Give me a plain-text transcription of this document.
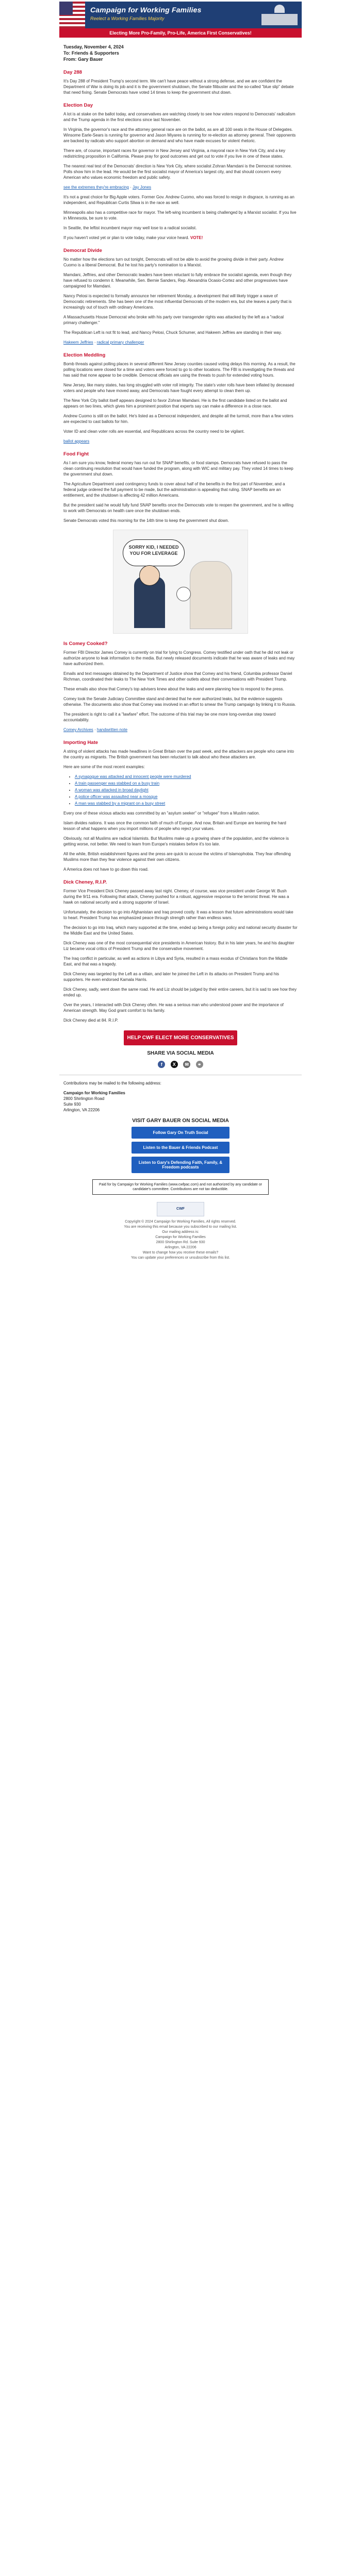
Campaign for Working Families
Reelect a Working Families Majority
Electing More Pro-Family, Pro-Life, America First Conservatives!
Tuesday, November 4, 2024
To: Friends & Supporters
From: Gary Bauer
Day 288

It's Day 288 of President Trump's second term. We can't have peace without a strong defense, and we are confident the Department of War is doing its job and it is the government shutdown, the Senate filibuster and the so-called "blue slip" debate that need fixing. Senate Democrats have voted 14 times to keep the government shut down.

Election Day

A lot is at stake on the ballot today, and conservatives are watching closely to see how voters respond to Democrats' radicalism and the Trump agenda in the first elections since last November.

In Virginia, the governor's race and the attorney general race are on the ballot, as are all 100 seats in the House of Delegates. Winsome Earle-Sears is running for governor and Jason Miyares is running for re-election as attorney general. Their opponents are backed by radicals who support abortion on demand and who have made excuses for violent rhetoric.

There are, of course, important races for governor in New Jersey and Virginia, a mayoral race in New York City, and a key redistricting proposition in California. Please pray for good outcomes and get out to vote if you live in one of these states.

The nearest real test of the Democrats' direction is New York City, where socialist Zohran Mamdani is the Democrat nominee. Polls show him in the lead. He would be the first socialist mayor of America's largest city, and that should concern every American who values economic freedom and public safety.

see the extremes they're embracing · Jay Jones

It's not a great choice for Big Apple voters. Former Gov. Andrew Cuomo, who was forced to resign in disgrace, is running as an independent, and Republican Curtis Sliwa is in the race as well.

Minneapolis also has a competitive race for mayor. The left-wing incumbent is being challenged by a Marxist socialist. If you live in Minnesota, be sure to vote.

In Seattle, the leftist incumbent mayor may well lose to a radical socialist.

If you haven't voted yet or plan to vote today, make your voice heard. VOTE!

Democrat Divide

No matter how the elections turn out tonight, Democrats will not be able to avoid the growing divide in their party. Andrew Cuomo is a liberal Democrat. But he lost his party's nomination to a Marxist.

Mamdani, Jeffries, and other Democratic leaders have been reluctant to fully embrace the socialist agenda, even though they have refused to condemn it. Meanwhile, Sen. Bernie Sanders, Rep. Alexandria Ocasio-Cortez and other progressives have campaigned for Mamdani.

Nancy Pelosi is expected to formally announce her retirement Monday, a development that will likely trigger a wave of Democratic retirements. She has been one of the most influential Democrats of the modern era, but she leaves a party that is increasingly out of touch with ordinary Americans.

A Massachusetts House Democrat who broke with his party over transgender rights was attacked by the left as a "radical primary challenger."

The Republican Left is not fit to lead, and Nancy Pelosi, Chuck Schumer, and Hakeem Jeffries are standing in their way.

Hakeem Jeffries · radical primary challenger

Election Meddling

Bomb threats against polling places in several different New Jersey counties caused voting delays this morning. As a result, the polling locations were closed for a time and voters were forced to go to other locations. The FBI is investigating the threats and has said that none appear to be credible. Democrat officials are using the threats to push for extended voting hours.

New Jersey, like many states, has long struggled with voter roll integrity. The state's voter rolls have been inflated by deceased voters and people who have moved away, and Democrats have fought every attempt to clean them up.

The New York City ballot itself appears designed to favor Zohran Mamdani. He is the first candidate listed on the ballot and appears on two lines, which gives him a prominent position that experts say can make a difference in a close race.

Andrew Cuomo is still on the ballot. He's listed as a Democrat independent, and despite all the turmoil, more than a few voters are expected to cast ballots for him.

Voter ID and clean voter rolls are essential, and Republicans across the country need to be vigilant.

ballot appears

Food Fight

As I am sure you know, federal money has run out for SNAP benefits, or food stamps. Democrats have refused to pass the clean continuing resolution that would have funded the program, along with WIC and military pay. They voted 14 times to keep the government shut down.

The Agriculture Department used contingency funds to cover about half of the benefits in the first part of November, and a federal judge ordered the full payment to be made, but the administration is appealing that ruling. SNAP benefits are an entitlement, and the shutdown is affecting 42 million Americans.

But the president said he would fully fund SNAP benefits once the Democrats vote to reopen the government, and he is willing to work with Democrats on health care once the shutdown ends.

Senate Democrats voted this morning for the 14th time to keep the government shut down.

SORRY KID, I NEEDED YOU FOR LEVERAGE
Is Comey Cooked?

Former FBI Director James Comey is currently on trial for lying to Congress. Comey testified under oath that he did not leak or authorize anyone to leak information to the media. But newly released documents indicate that he was aware of leaks and may have authorized them.

Emails and text messages obtained by the Department of Justice show that Comey and his friend, Columbia professor Daniel Richman, coordinated their leaks to The New York Times and other outlets about their conversations with President Trump.

These emails also show that Comey's top advisers knew about the leaks and were planning how to respond to the press.

Comey took the Senate Judiciary Committee stand and denied that he ever authorized leaks, but the evidence suggests otherwise. The documents also show that Comey was involved in an effort to smear the Trump campaign by linking it to Russia.

The president is right to call it a "lawfare" effort. The outcome of this trial may be one more long-overdue step toward accountability.

Comey Archives · handwritten note

Importing Hate

A string of violent attacks has made headlines in Great Britain over the past week, and the attackers are people who came into the country as migrants. The British government has been reluctant to talk about who these attackers are.

Here are some of the most recent examples:

• A synagogue was attacked and innocent people were murdered
• A train passenger was stabbed on a busy train
• A woman was attacked in broad daylight
• A police officer was assaulted near a mosque
• A man was stabbed by a migrant on a busy street

Every one of these vicious attacks was committed by an "asylum seeker" or "refugee" from a Muslim nation.

Islam divides nations. It was once the common faith of much of Europe. And now, Britain and Europe are learning the hard lesson of what happens when you import millions of people who reject your values.

Obviously, not all Muslims are radical Islamists. But Muslims make up a growing share of the population, and the violence is getting worse, not better. We need to learn from Europe's mistakes before it's too late.

All the while, British establishment figures and the press are quick to accuse the victims of Islamophobia. They fear offending Muslims more than they fear violence against their own citizens.

A America does not have to go down this road.

Dick Cheney, R.I.P.

Former Vice President Dick Cheney passed away last night. Cheney, of course, was vice president under George W. Bush during the 9/11 era. Following that attack, Cheney pushed for a robust, aggressive response to the terrorist threat. He was a hawk on national security and a strong supporter of Israel.

Unfortunately, the decision to go into Afghanistan and Iraq proved costly. It was a lesson that future administrations would take to heart. President Trump has emphasized peace through strength rather than endless wars.

The decision to go into Iraq, which many supported at the time, ended up being a foreign policy and national security disaster for the Middle East and the United States.

Dick Cheney was one of the most consequential vice presidents in American history. But in his later years, he and his daughter Liz became vocal critics of President Trump and the conservative movement.

The Iraq conflict in particular, as well as actions in Libya and Syria, resulted in a mass exodus of Christians from the Middle East, and that was a tragedy.

Dick Cheney was targeted by the Left as a villain, and later he joined the Left in its attacks on President Trump and his supporters. He even endorsed Kamala Harris.

Dick Cheney, sadly, went down the same road. He and Liz should be judged by their entire careers, but it is sad to see how they ended up.

Over the years, I interacted with Dick Cheney often. He was a serious man who understood power and the importance of American strength. May God grant comfort to his family.

Dick Cheney died at 84. R.I.P.

HELP CWF ELECT MORE CONSERVATIVES
SHARE VIA SOCIAL MEDIA
f X ✉ ⚭

Contributions may be mailed to the following address:

Campaign for Working Families
2800 Shirlington Road
Suite 930
Arlington, VA 22206
VISIT GARY BAUER ON SOCIAL MEDIA
Follow Gary On Truth Social
Listen to the Bauer & Friends Podcast
Listen to Gary's Defending Faith, Family, & Freedom podcasts
Paid for by Campaign for Working Families (www.cwfpac.com) and not authorized by any candidate or candidate's committee. Contributions are not tax deductible.
CWF
Copyright © 2024 Campaign for Working Families, All rights reserved.
You are receiving this email because you subscribed to our mailing list.
Our mailing address is:
Campaign for Working Families
2800 Shirlington Rd. Suite 930
Arlington, VA 22206
Want to change how you receive these emails?
You can update your preferences or unsubscribe from this list.
